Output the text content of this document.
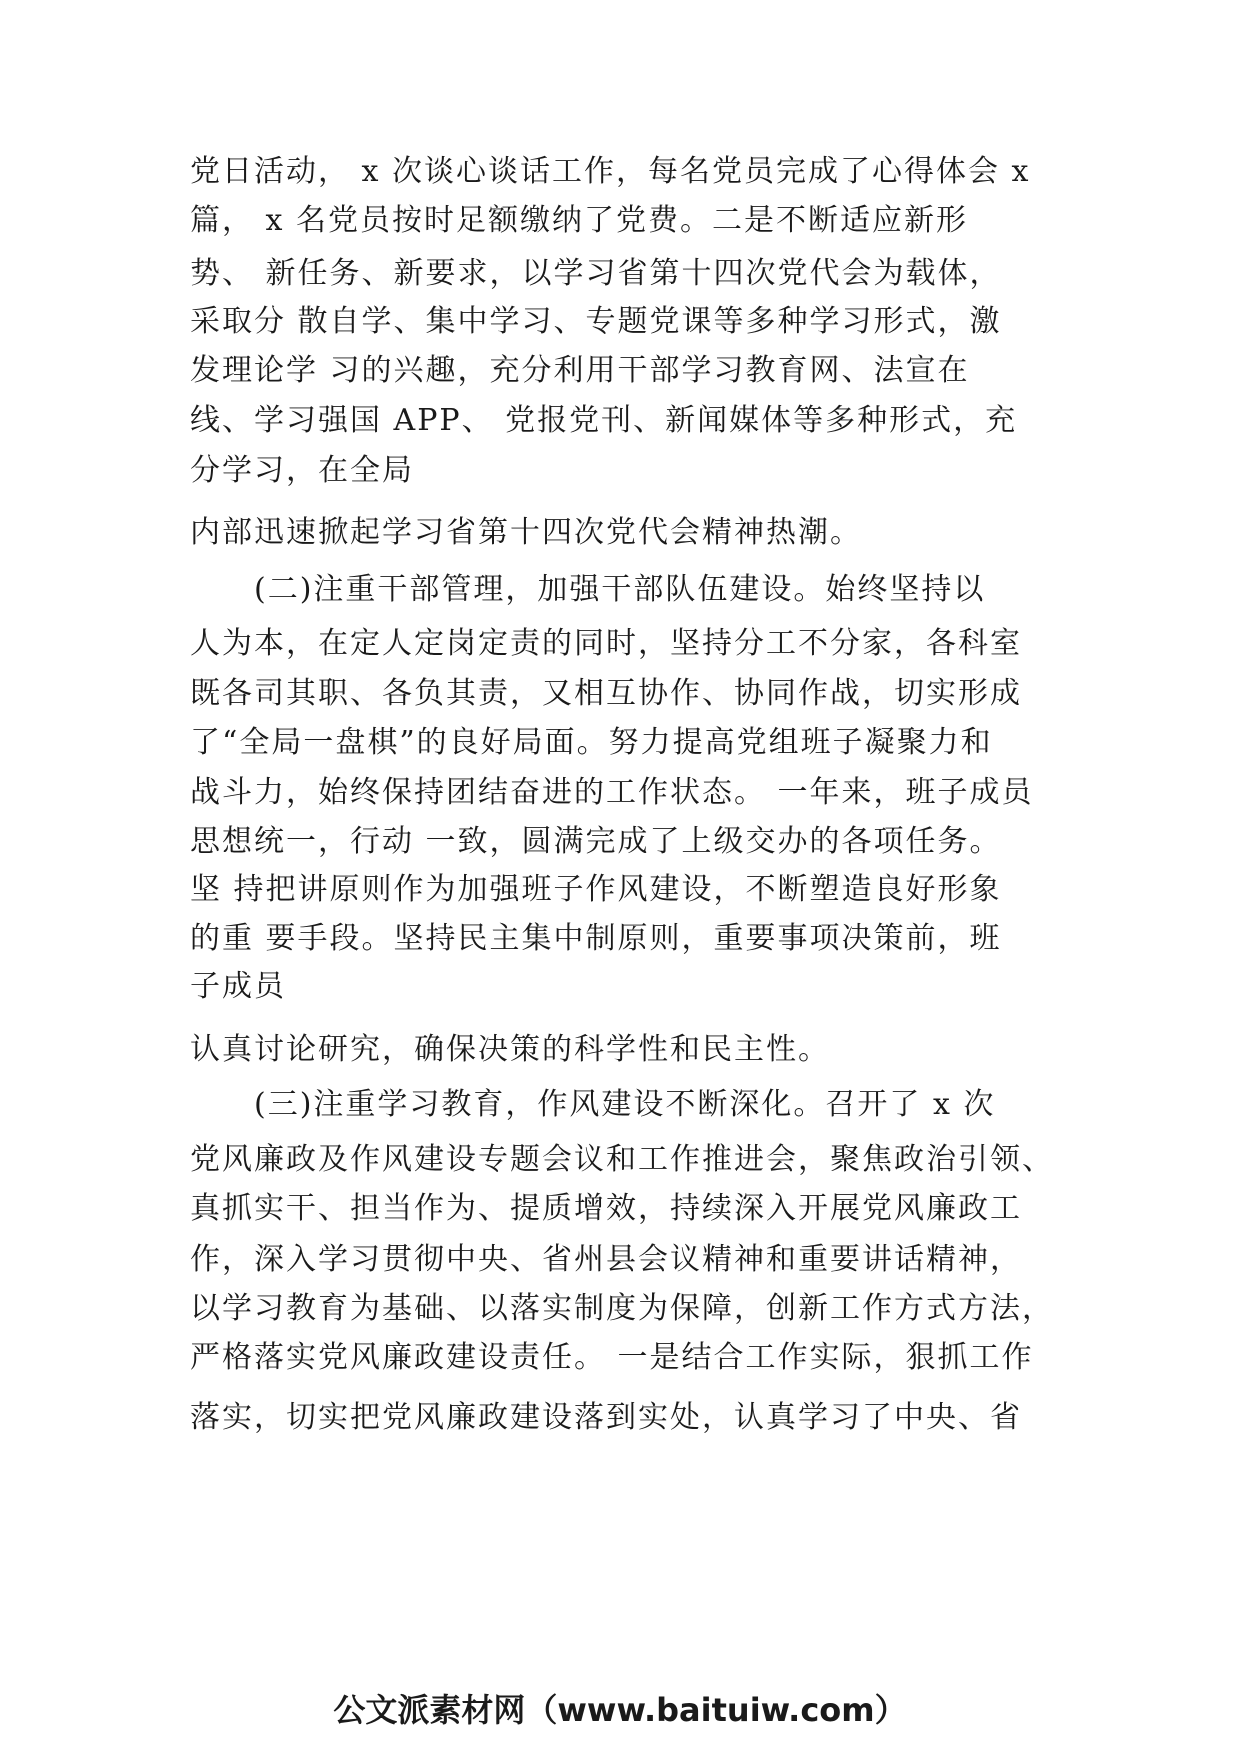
党日活动， x 次谈心谈话工作，每名党员完成了心得体会 x
篇， x 名党员按时足额缴纳了党费。二是不断适应新形
势、 新任务、新要求，以学习省第十四次党代会为载体，
采取分 散自学、集中学习、专题党课等多种学习形式，激
发理论学 习的兴趣，充分利用干部学习教育网、法宣在
线、学习强国 APP、 党报党刊、新闻媒体等多种形式，充
分学习，在全局
内部迅速掀起学习省第十四次党代会精神热潮。
　　(二)注重干部管理，加强干部队伍建设。始终坚持以
人为本，在定人定岗定责的同时，坚持分工不分家，各科室
既各司其职、各负其责，又相互协作、协同作战，切实形成
了“全局一盘棋”的良好局面。努力提高党组班子凝聚力和
战斗力，始终保持团结奋进的工作状态。 一年来，班子成员
思想统一，行动 一致，圆满完成了上级交办的各项任务。
坚 持把讲原则作为加强班子作风建设，不断塑造良好形象
的重 要手段。坚持民主集中制原则，重要事项决策前，班
子成员
认真讨论研究，确保决策的科学性和民主性。
　　(三)注重学习教育，作风建设不断深化。召开了 x 次
党风廉政及作风建设专题会议和工作推进会，聚焦政治引领、
真抓实干、担当作为、提质增效，持续深入开展党风廉政工
作，深入学习贯彻中央、省州县会议精神和重要讲话精神，
以学习教育为基础、以落实制度为保障，创新工作方式方法，
严格落实党风廉政建设责任。 一是结合工作实际，狠抓工作
落实，切实把党风廉政建设落到实处，认真学习了中央、省
公文派素材网（www.baituiw.com）
